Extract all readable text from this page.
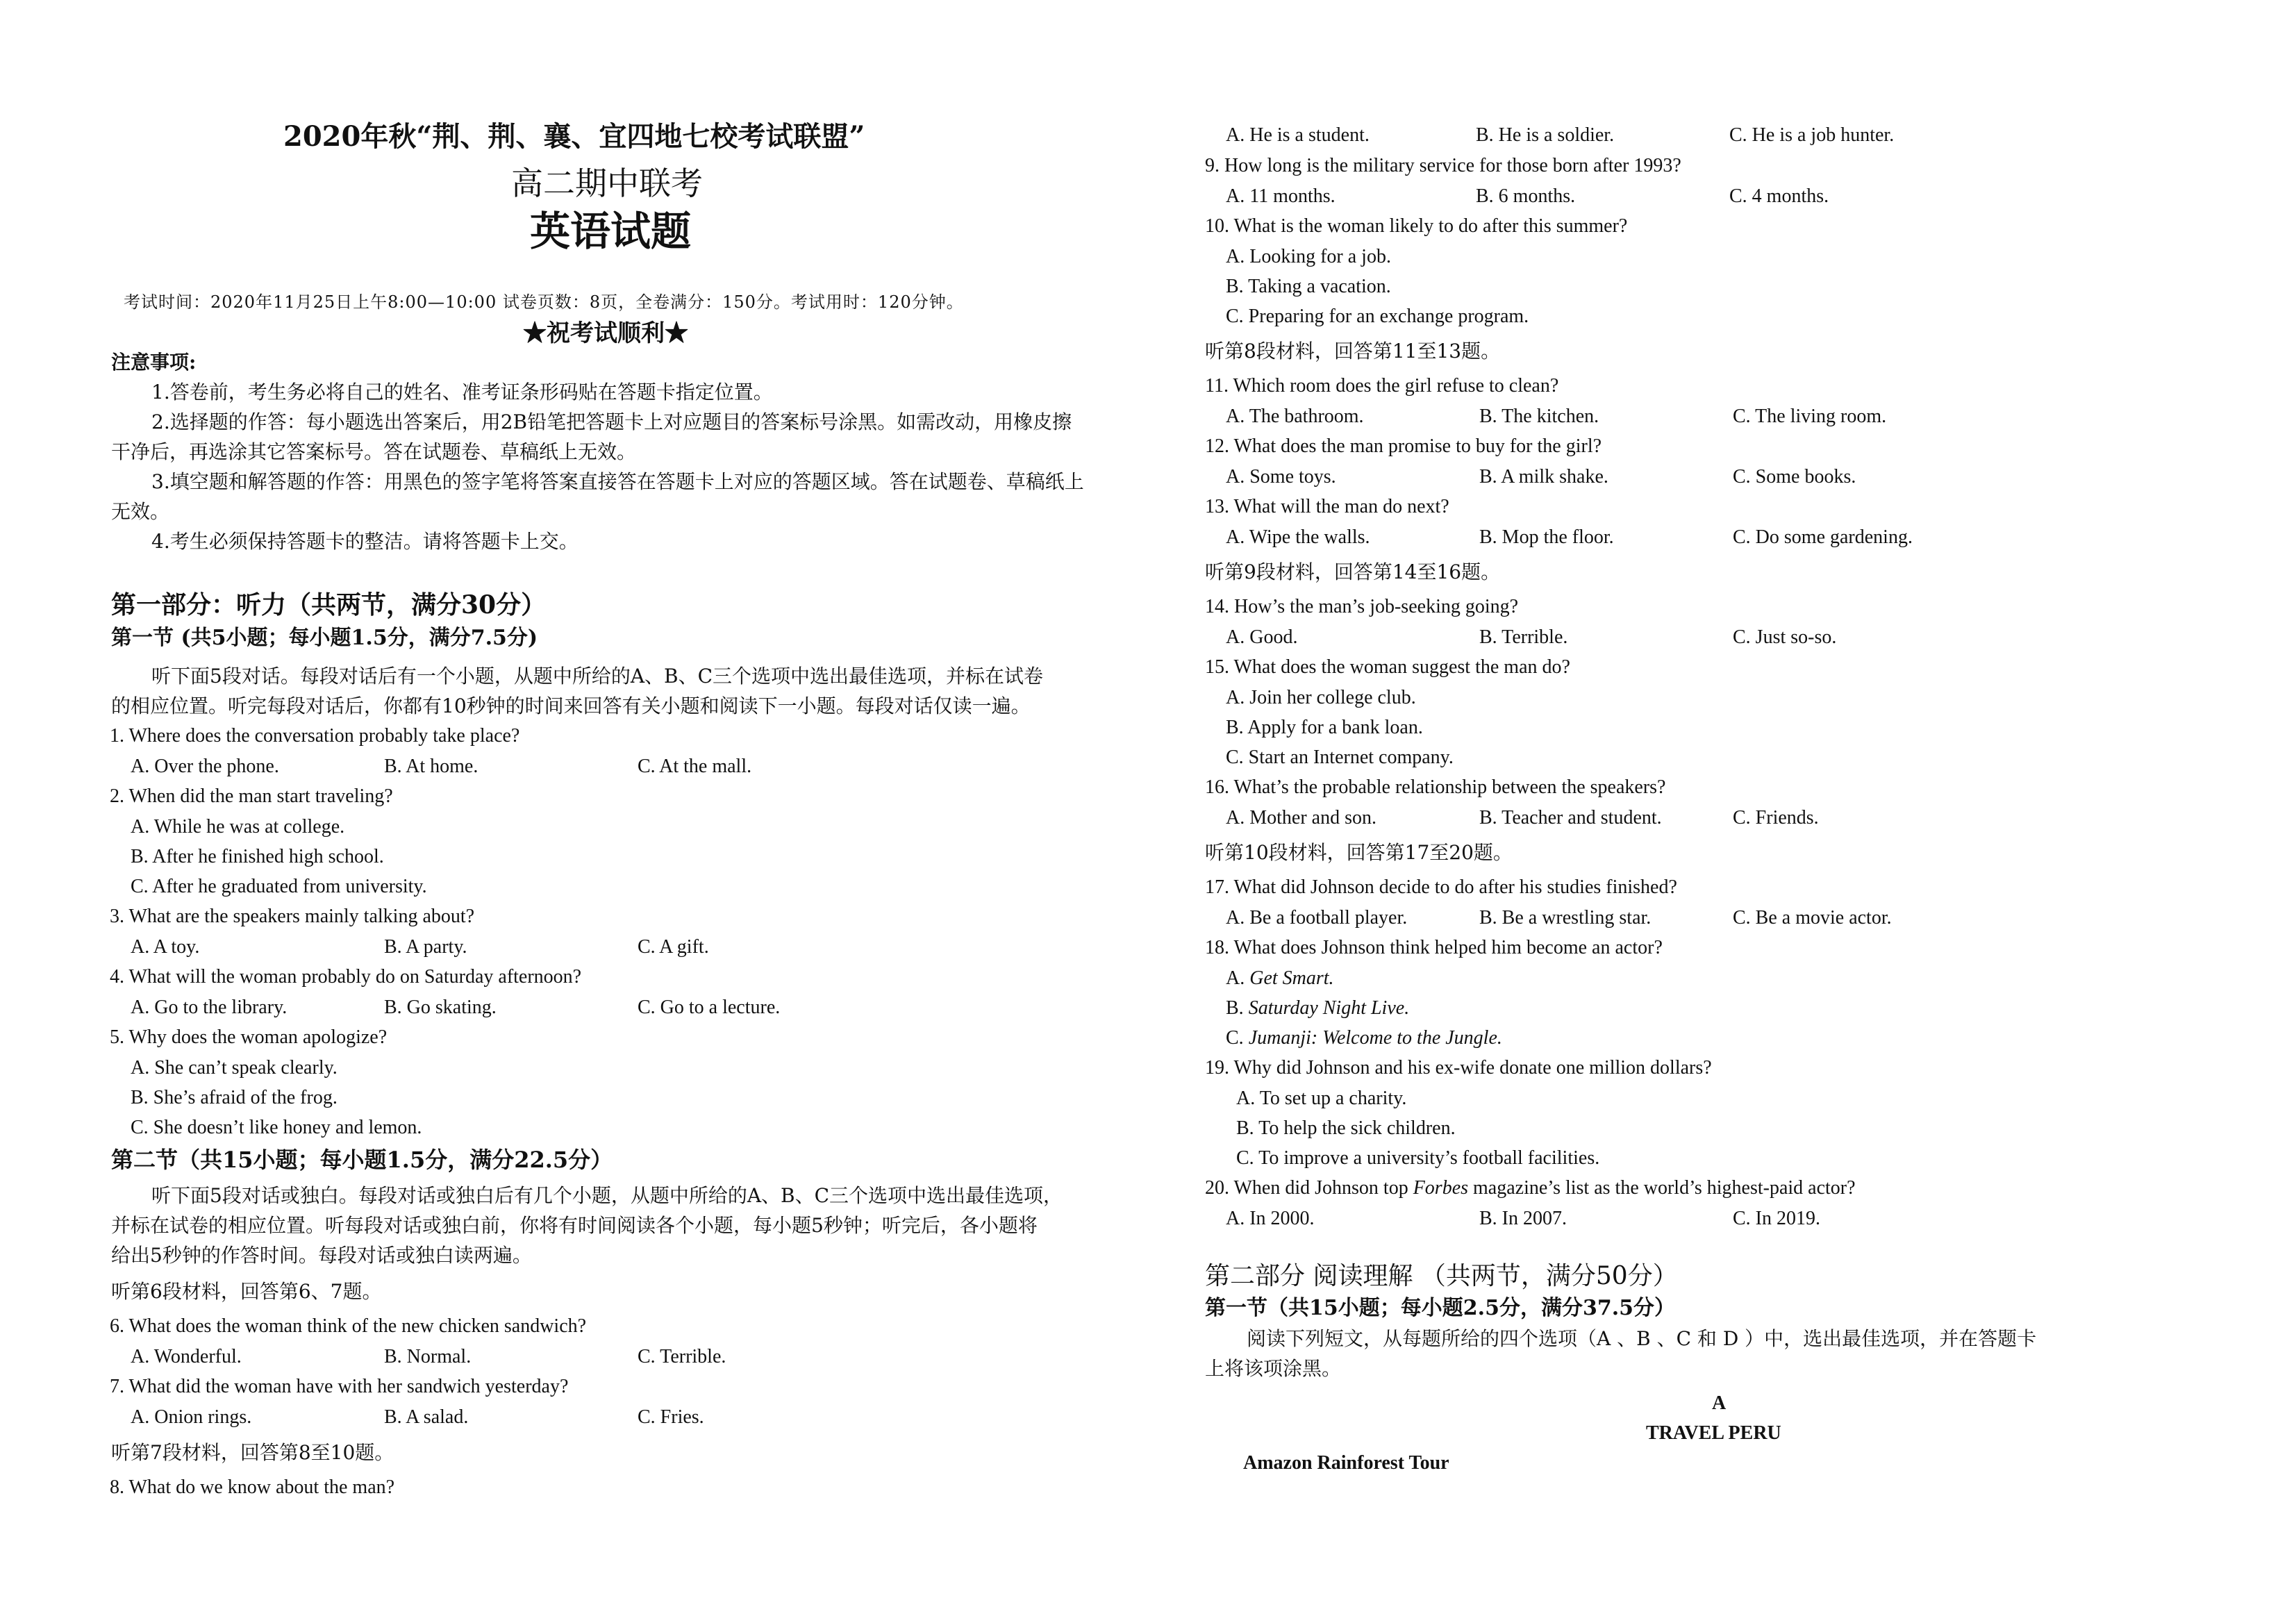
2020年秋“荆、荆、襄、宜四地七校考试联盟”
高二期中联考
英语试题
考试时间：2020年11月25日上午8:00—10:00 试卷页数：8页，全卷满分：150分。考试用时：120分钟。
★祝考试顺利★
注意事项:
1.答卷前，考生务必将自己的姓名、准考证条形码贴在答题卡指定位置。
2.选择题的作答：每小题选出答案后，用2B铅笔把答题卡上对应题目的答案标号涂黑。如需改动，用橡皮擦
干净后，再选涂其它答案标号。答在试题卷、草稿纸上无效。
3.填空题和解答题的作答：用黑色的签字笔将答案直接答在答题卡上对应的答题区域。答在试题卷、草稿纸上
无效。
4.考生必须保持答题卡的整洁。请将答题卡上交。
第一部分：听力（共两节，满分30分）
第一节 (共5小题；每小题1.5分，满分7.5分)
听下面5段对话。每段对话后有一个小题，从题中所给的A、B、C三个选项中选出最佳选项，并标在试卷
的相应位置。听完每段对话后，你都有10秒钟的时间来回答有关小题和阅读下一小题。每段对话仅读一遍。
1. Where does the conversation probably take place?
A. Over the phone.	B. At home.	C. At the mall.
2. When did the man start traveling?
A. While he was at college.
B. After he finished high school.
C. After he graduated from university.
3. What are the speakers mainly talking about?
A. A toy.	B. A party.	C. A gift.
4. What will the woman probably do on Saturday afternoon?
A. Go to the library.	B. Go skating.	C. Go to a lecture.
5. Why does the woman apologize?
A. She can’t speak clearly.
B. She’s afraid of the frog.
C. She doesn’t like honey and lemon.
第二节（共15小题；每小题1.5分，满分22.5分）
听下面5段对话或独白。每段对话或独白后有几个小题，从题中所给的A、B、C三个选项中选出最佳选项，
并标在试卷的相应位置。听每段对话或独白前，你将有时间阅读各个小题，每小题5秒钟；听完后，各小题将
给出5秒钟的作答时间。每段对话或独白读两遍。
听第6段材料，回答第6、7题。
6. What does the woman think of the new chicken sandwich?
A. Wonderful.	B. Normal.	C. Terrible.
7. What did the woman have with her sandwich yesterday?
A. Onion rings.	B. A salad.	C. Fries.
听第7段材料，回答第8至10题。
8. What do we know about the man?
A. He is a student.	B. He is a soldier.	C. He is a job hunter.
9. How long is the military service for those born after 1993?
A. 11 months.	B. 6 months.	C. 4 months.
10. What is the woman likely to do after this summer?
A. Looking for a job.
B. Taking a vacation.
C. Preparing for an exchange program.
听第8段材料，回答第11至13题。
11. Which room does the girl refuse to clean?
A. The bathroom.	B. The kitchen.	C. The living room.
12. What does the man promise to buy for the girl?
A. Some toys.	B. A milk shake.	C. Some books.
13. What will the man do next?
A. Wipe the walls.	B. Mop the floor.	C. Do some gardening.
听第9段材料，回答第14至16题。
14. How’s the man’s job-seeking going?
A. Good.	B. Terrible.	C. Just so-so.
15. What does the woman suggest the man do?
A. Join her college club.
B. Apply for a bank loan.
C. Start an Internet company.
16. What’s the probable relationship between the speakers?
A. Mother and son.	B. Teacher and student.	C. Friends.
听第10段材料，回答第17至20题。
17. What did Johnson decide to do after his studies finished?
A. Be a football player.	B. Be a wrestling star.	C. Be a movie actor.
18. What does Johnson think helped him become an actor?
A. Get Smart.
B. Saturday Night Live.
C. Jumanji: Welcome to the Jungle.
19. Why did Johnson and his ex-wife donate one million dollars?
A. To set up a charity.
B. To help the sick children.
C. To improve a university’s football facilities.
20. When did Johnson top Forbes magazine’s list as the world’s highest-paid actor?
A. In 2000.	B. In 2007.	C. In 2019.
第二部分 阅读理解 （共两节，满分50分）
第一节（共15小题；每小题2.5分，满分37.5分）
阅读下列短文，从每题所给的四个选项（A 、B 、C 和 D ）中，选出最佳选项，并在答题卡
上将该项涂黑。
A
TRAVEL PERU
Amazon Rainforest Tour
